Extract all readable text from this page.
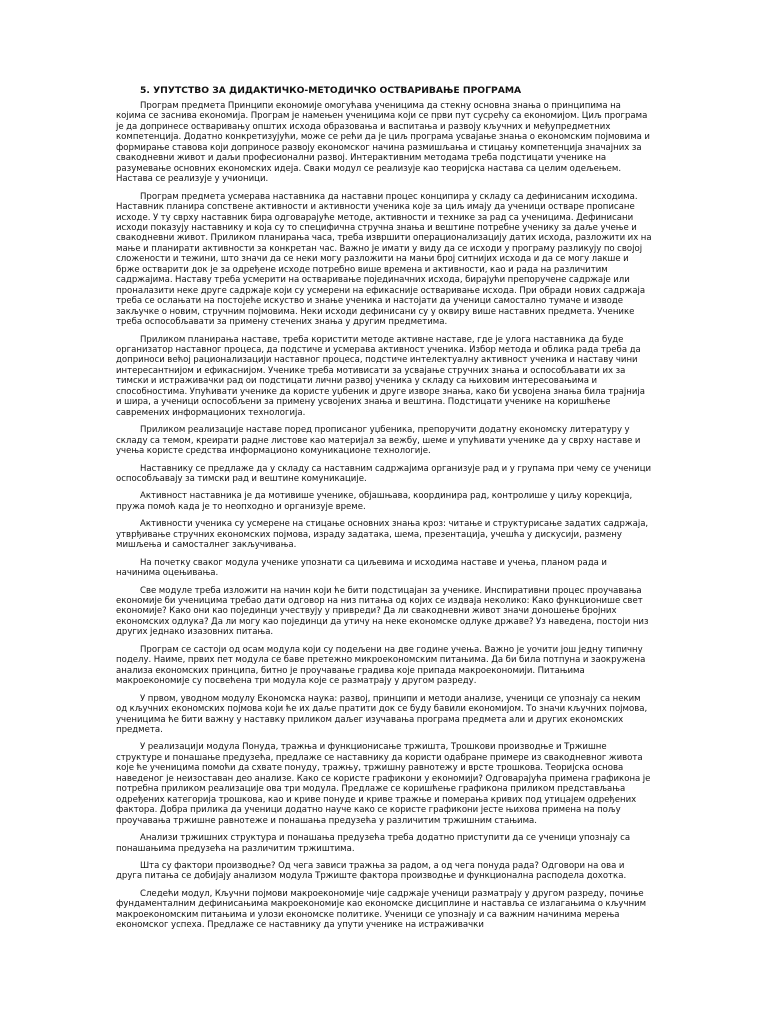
5. УПУТСТВО ЗА ДИДАКТИЧКО-МЕТОДИЧКО ОСТВАРИВАЊЕ ПРОГРАМА

Програм предмета Принципи економије омогућава ученицима да стекну основна знања о принципима на којима се заснива економија. Програм је намењен ученицима који се први пут сусрећу са економијом. Циљ програма је да допринесе остваривању општих исхода образовања и васпитања и развоју кључних и међупредметних компетенција. Додатно конкретизујући, може се рећи да је циљ програма усвајање знања о економским појмовима и формирање ставова који доприносе развоју економског начина размишљања и стицању компетенција значајних за свакодневни живот и даљи професионални развој. Интерактивним методама треба подстицати ученике на разумевање основних економских идеја. Сваки модул се реализује као теоријска настава са целим одељењем. Настава се реализује у учионици.

Програм предмета усмерава наставника да наставни процес конципира у складу са дефинисаним исходима. Наставник планира сопствене активности и активности ученика које за циљ имају да ученици остваре прописане исходе. У ту сврху наставник бира одговарајуће методе, активности и технике за рад са ученицима. Дефиниcани исходи показују наставнику и која су то специфична стручна знања и вештине потребне ученику за даље учење и свакодневни живот. Приликом планирања часа, треба извршити операционализацију датих исхода, разложити их на мање и планирати активности за конкретан час. Важно је имати у виду да се исходи у програму разликују по својој сложености и тежини, што значи да се неки могу разложити на мањи број ситнијих исхода и да се могу лакше и брже остварити док је за одређене исходе потребно више времена и активности, као и рада на различитим садржајима. Наставу треба усмерити на остваривање појединачних исхода, бирајући препоручене садржаје или проналазити неке друге садржаје који су усмерени на ефикасније остваривање исхода. При обради нових садржаја треба се ослањати на постојеће искуство и знање ученика и настојати да ученици самостално тумаче и изводе закључке о новим, стручним појмовима. Неки исходи дефинисани су у оквиру више наставних предмета. Ученике треба оспособљавати за примену стечених знања у другим предметима.

Приликом планирања наставе, треба користити методе активне наставе, где је улога наставника да буде организатор наставног процеса, да подстиче и усмерава активност ученика. Избор метода и облика рада треба да доприноси већој рационализацији наставног процеса, подстиче интелектуалну активност ученика и наставу чини интересантнијом и ефикаснијом. Ученике треба мотивисати за усвајање стручних знања и оспособљавати их за тимски и истраживачки рад ои подстицати лични развој ученика у складу са њиховим интересовањима и способностима. Упућивати ученике да користе уџбеник и друге изворе знања, како би усвојена знања била трајнија и шира, а ученици оспособљени за примену усвојених знања и вештина. Подстицати ученике на коришћење савремених информационих технологија.

Приликом реализације наставе поред прописаног уџбеника, препоручити додатну економску литературу у складу са темом, креирати радне листове као материјал за вежбу, шеме и упућивати ученике да у сврху наставе и учења користе средства информационо комуникационе технологије.

Наставнику се предлаже да у складу са наставним садржајима организује рад и у групама при чему се ученици оспособљавају за тимски рад и вештине комуникације.

Активност наставника је да мотивише ученике, објашњава, координира рад, контролише у циљу корекција, пружа помоћ када је то неопходно и организује време.

Активности ученика су усмерене на стицање основних знања кроз: читање и структурисање задатих садржаја, утврђивање стручних економских појмова, израду задатака, шема, презентација, учешћа у дискусији, размену мишљења и самосталнег закључивања.

На почетку сваког модула ученике упознати са циљевима и исходима наставе и учења, планом рада и начинима оцењивања.

Све модуле треба изложити на начин који ће бити подстицајан за ученике. Инспиративни процес проучавања економије би ученицима требао дати одговор на низ питања од којих се издваја неколико: Како функционише свет економије? Како они као појединци учествују у привреди? Да ли свакодневни живот значи доношење бројних економских одлука? Да ли могу као појединци да утичу на неке економске одлуке државе? Уз наведена, постоји низ других једнако изазовних питања.

Програм се састоји од осам модула који су подељени на две године учења. Важно је уочити још једну типичну поделу. Наиме, првих пет модула се баве претежно микроекономским питањима. Да би била потпуна и заокружена анализа економских принципа, битно је проучавање градива које припада макроекономији. Питањима макроекономије су посвећена три модула које се разматрају у другом разреду.

У првом, уводном модулу Економска наука: развој, принципи и методи анализе, ученици се упознају са неким од кључних економских појмова који ће их даље пратити док се буду бавили економијом. То значи кључних појмова, ученицима ће бити важну у наставку приликом даљег изучавања програма предмета али и других економских предмета.

У реализацији модула Понуда, тражња и функционисање тржишта, Трошкови производње и Тржишне структуре и понашање предузећа, предлаже се наставнику да користи одабране примере из свакодневног живота које ће ученицима помоћи да схвате понуду, тражњу, тржишну равнотежу и врсте трошкова. Теоријска основа наведеног је неизоставан део анализе. Како се користе графикони у економији? Одговарајућа примена графикона је потребна приликом реализације ова три модула. Предлаже се коришћење графикона приликом представљања одређених категорија трошкова, као и криве понуде и криве тражње и померања кривих под утицајем одређених фактора. Добра прилика да ученици додатно науче како се користе графикони јесте њихова примена на пољу проучавања тржишне равнотеже и понашања предузећа у различитим тржишним стањима.

Анализи тржишних структура и понашања предузећа треба додатно приступити да се ученици упознају са понашањима предузећа на различитим тржиштима.

Шта су фактори производње? Од чега зависи тражња за радом, а од чега понуда рада? Одговори на ова и друга питања се добијају анализом модула Тржиште фактора производње и функционална расподела дохотка.

Следећи модул, Кључни појмови макроекономије чије садржаје ученици разматрају у другом разреду, почиње фундаменталним дефинисањима макроекономије као економске дисциплине и наставља се излагањима о кључним макроекономским питањима и улози економске политике. Ученици се упознају и са важним начинима мерења економског успеха. Предлаже се наставнику да упути ученике на истраживачки
